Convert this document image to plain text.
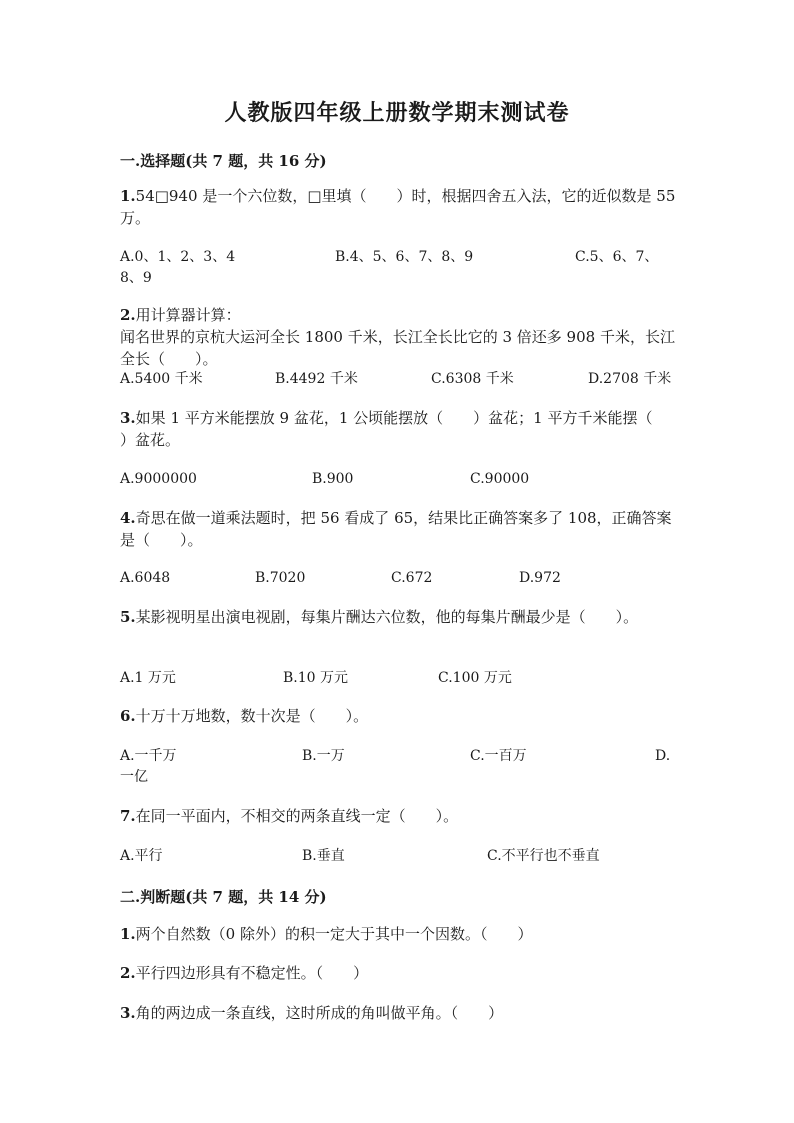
人教版四年级上册数学期末测试卷
一.选择题(共 7 题，共 16 分)
1.54□940 是一个六位数，□里填（　　）时，根据四舍五入法，它的近似数是 55 万。
A.0、1、2、3、4	B.4、5、6、7、8、9	C.5、6、7、
8、9
2.用计算器计算：
闻名世界的京杭大运河全长 1800 千米，长江全长比它的 3 倍还多 908 千米，长江全长（　　）。
A.5400 千米	B.4492 千米	C.6308 千米	D.2708 千米
3.如果 1 平方米能摆放 9 盆花，1 公顷能摆放（　　）盆花；1 平方千米能摆（　　）盆花。
A.9000000	B.900	C.90000
4.奇思在做一道乘法题时，把 56 看成了 65，结果比正确答案多了 108，正确答案是（　　）。
A.6048	B.7020	C.672	D.972
5.某影视明星出演电视剧，每集片酬达六位数，他的每集片酬最少是（　　）。
A.1 万元	B.10 万元	C.100 万元
6.十万十万地数，数十次是（　　）。
A.一千万	B.一万	C.一百万	D.
一亿
7.在同一平面内，不相交的两条直线一定（　　）。
A.平行	B.垂直	C.不平行也不垂直
二.判断题(共 7 题，共 14 分)
1.两个自然数（0 除外）的积一定大于其中一个因数。（　　）
2.平行四边形具有不稳定性。（　　）
3.角的两边成一条直线，这时所成的角叫做平角。（　　）
